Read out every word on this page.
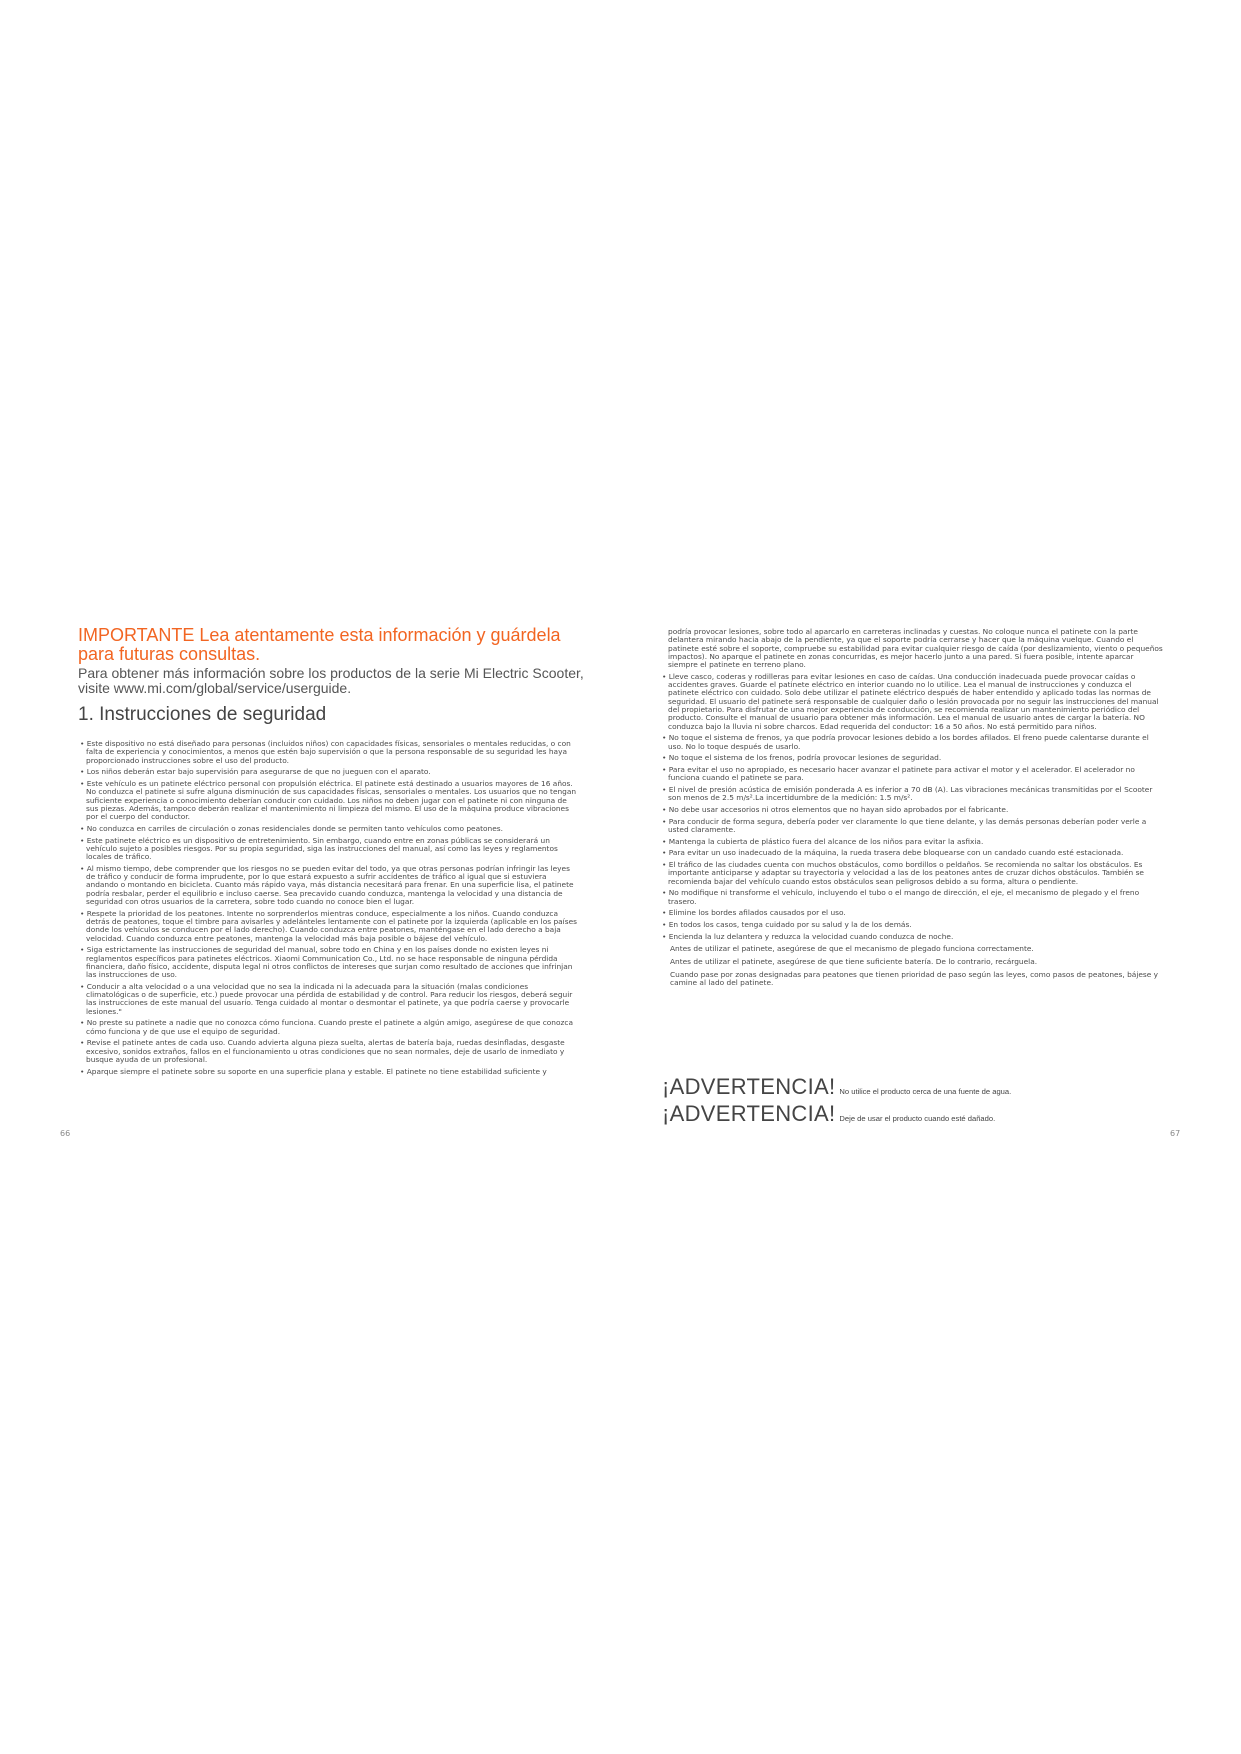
IMPORTANTE Lea atentamente esta información y guárdela para futuras consultas.
Para obtener más información sobre los productos de la serie Mi Electric Scooter, visite www.mi.com/global/service/userguide.
1. Instrucciones de seguridad

• Este dispositivo no está diseñado para personas (incluidos niños) con capacidades físicas, sensoriales o mentales reducidas, o con falta de experiencia y conocimientos, a menos que estén bajo supervisión o que la persona responsable de su seguridad les haya proporcionado instrucciones sobre el uso del producto.

• Los niños deberán estar bajo supervisión para asegurarse de que no jueguen con el aparato.

• Este vehículo es un patinete eléctrico personal con propulsión eléctrica. El patinete está destinado a usuarios mayores de 16 años. No conduzca el patinete si sufre alguna disminución de sus capacidades físicas, sensoriales o mentales. Los usuarios que no tengan suficiente experiencia o conocimiento deberían conducir con cuidado. Los niños no deben jugar con el patinete ni con ninguna de sus piezas. Además, tampoco deberán realizar el mantenimiento ni limpieza del mismo. El uso de la máquina produce vibraciones por el cuerpo del conductor.

• No conduzca en carriles de circulación o zonas residenciales donde se permiten tanto vehículos como peatones.

• Este patinete eléctrico es un dispositivo de entretenimiento. Sin embargo, cuando entre en zonas públicas se considerará un vehículo sujeto a posibles riesgos. Por su propia seguridad, siga las instrucciones del manual, así como las leyes y reglamentos locales de tráfico.

• Al mismo tiempo, debe comprender que los riesgos no se pueden evitar del todo, ya que otras personas podrían infringir las leyes de tráfico y conducir de forma imprudente, por lo que estará expuesto a sufrir accidentes de tráfico al igual que si estuviera andando o montando en bicicleta. Cuanto más rápido vaya, más distancia necesitará para frenar. En una superficie lisa, el patinete podría resbalar, perder el equilibrio e incluso caerse. Sea precavido cuando conduzca, mantenga la velocidad y una distancia de seguridad con otros usuarios de la carretera, sobre todo cuando no conoce bien el lugar.

• Respete la prioridad de los peatones. Intente no sorprenderlos mientras conduce, especialmente a los niños. Cuando conduzca detrás de peatones, toque el timbre para avisarles y adelánteles lentamente con el patinete por la izquierda (aplicable en los países donde los vehículos se conducen por el lado derecho). Cuando conduzca entre peatones, manténgase en el lado derecho a baja velocidad. Cuando conduzca entre peatones, mantenga la velocidad más baja posible o bájese del vehículo.

• Siga estrictamente las instrucciones de seguridad del manual, sobre todo en China y en los países donde no existen leyes ni reglamentos específicos para patinetes eléctricos. Xiaomi Communication Co., Ltd. no se hace responsable de ninguna pérdida financiera, daño físico, accidente, disputa legal ni otros conflictos de intereses que surjan como resultado de acciones que infrinjan las instrucciones de uso.

• Conducir a alta velocidad o a una velocidad que no sea la indicada ni la adecuada para la situación (malas condiciones climatológicas o de superficie, etc.) puede provocar una pérdida de estabilidad y de control. Para reducir los riesgos, deberá seguir las instrucciones de este manual del usuario. Tenga cuidado al montar o desmontar el patinete, ya que podría caerse y provocarle lesiones."

• No preste su patinete a nadie que no conozca cómo funciona. Cuando preste el patinete a algún amigo, asegúrese de que conozca cómo funciona y de que use el equipo de seguridad.

• Revise el patinete antes de cada uso. Cuando advierta alguna pieza suelta, alertas de batería baja, ruedas desinfladas, desgaste excesivo, sonidos extraños, fallos en el funcionamiento u otras condiciones que no sean normales, deje de usarlo de inmediato y busque ayuda de un profesional.

• Aparque siempre el patinete sobre su soporte en una superficie plana y estable. El patinete no tiene estabilidad suficiente y

66

podría provocar lesiones, sobre todo al aparcarlo en carreteras inclinadas y cuestas. No coloque nunca el patinete con la parte delantera mirando hacia abajo de la pendiente, ya que el soporte podría cerrarse y hacer que la máquina vuelque. Cuando el patinete esté sobre el soporte, compruebe su estabilidad para evitar cualquier riesgo de caída (por deslizamiento, viento o pequeños impactos). No aparque el patinete en zonas concurridas, es mejor hacerlo junto a una pared. Si fuera posible, intente aparcar siempre el patinete en terreno plano.

• Lleve casco, coderas y rodilleras para evitar lesiones en caso de caídas. Una conducción inadecuada puede provocar caídas o accidentes graves. Guarde el patinete eléctrico en interior cuando no lo utilice. Lea el manual de instrucciones y conduzca el patinete eléctrico con cuidado. Solo debe utilizar el patinete eléctrico después de haber entendido y aplicado todas las normas de seguridad. El usuario del patinete será responsable de cualquier daño o lesión provocada por no seguir las instrucciones del manual del propietario. Para disfrutar de una mejor experiencia de conducción, se recomienda realizar un mantenimiento periódico del producto. Consulte el manual de usuario para obtener más información. Lea el manual de usuario antes de cargar la batería. NO conduzca bajo la lluvia ni sobre charcos. Edad requerida del conductor: 16 a 50 años. No está permitido para niños.

• No toque el sistema de frenos, ya que podría provocar lesiones debido a los bordes afilados. El freno puede calentarse durante el uso. No lo toque después de usarlo.

• No toque el sistema de los frenos, podría provocar lesiones de seguridad.

• Para evitar el uso no apropiado, es necesario hacer avanzar el patinete para activar el motor y el acelerador. El acelerador no funciona cuando el patinete se para.

• El nivel de presión acústica de emisión ponderada A es inferior a 70 dB (A). Las vibraciones mecánicas transmitidas por el Scooter son menos de 2.5 m/s².La incertidumbre de la medición: 1.5 m/s².

• No debe usar accesorios ni otros elementos que no hayan sido aprobados por el fabricante.

• Para conducir de forma segura, debería poder ver claramente lo que tiene delante, y las demás personas deberían poder verle a usted claramente.

• Mantenga la cubierta de plástico fuera del alcance de los niños para evitar la asfixia.

• Para evitar un uso inadecuado de la máquina, la rueda trasera debe bloquearse con un candado cuando esté estacionada.

• El tráfico de las ciudades cuenta con muchos obstáculos, como bordillos o peldaños. Se recomienda no saltar los obstáculos. Es importante anticiparse y adaptar su trayectoria y velocidad a las de los peatones antes de cruzar dichos obstáculos. También se recomienda bajar del vehículo cuando estos obstáculos sean peligrosos debido a su forma, altura o pendiente.

• No modifique ni transforme el vehículo, incluyendo el tubo o el mango de dirección, el eje, el mecanismo de plegado y el freno trasero.

• Elimine los bordes afilados causados por el uso.

• En todos los casos, tenga cuidado por su salud y la de los demás.

• Encienda la luz delantera y reduzca la velocidad cuando conduzca de noche.

Antes de utilizar el patinete, asegúrese de que el mecanismo de plegado funciona correctamente.

Antes de utilizar el patinete, asegúrese de que tiene suficiente batería. De lo contrario, recárguela.

Cuando pase por zonas designadas para peatones que tienen prioridad de paso según las leyes, como pasos de peatones, bájese y camine al lado del patinete.

¡ADVERTENCIA! No utilice el producto cerca de una fuente de agua.
¡ADVERTENCIA! Deje de usar el producto cuando esté dañado.
67
